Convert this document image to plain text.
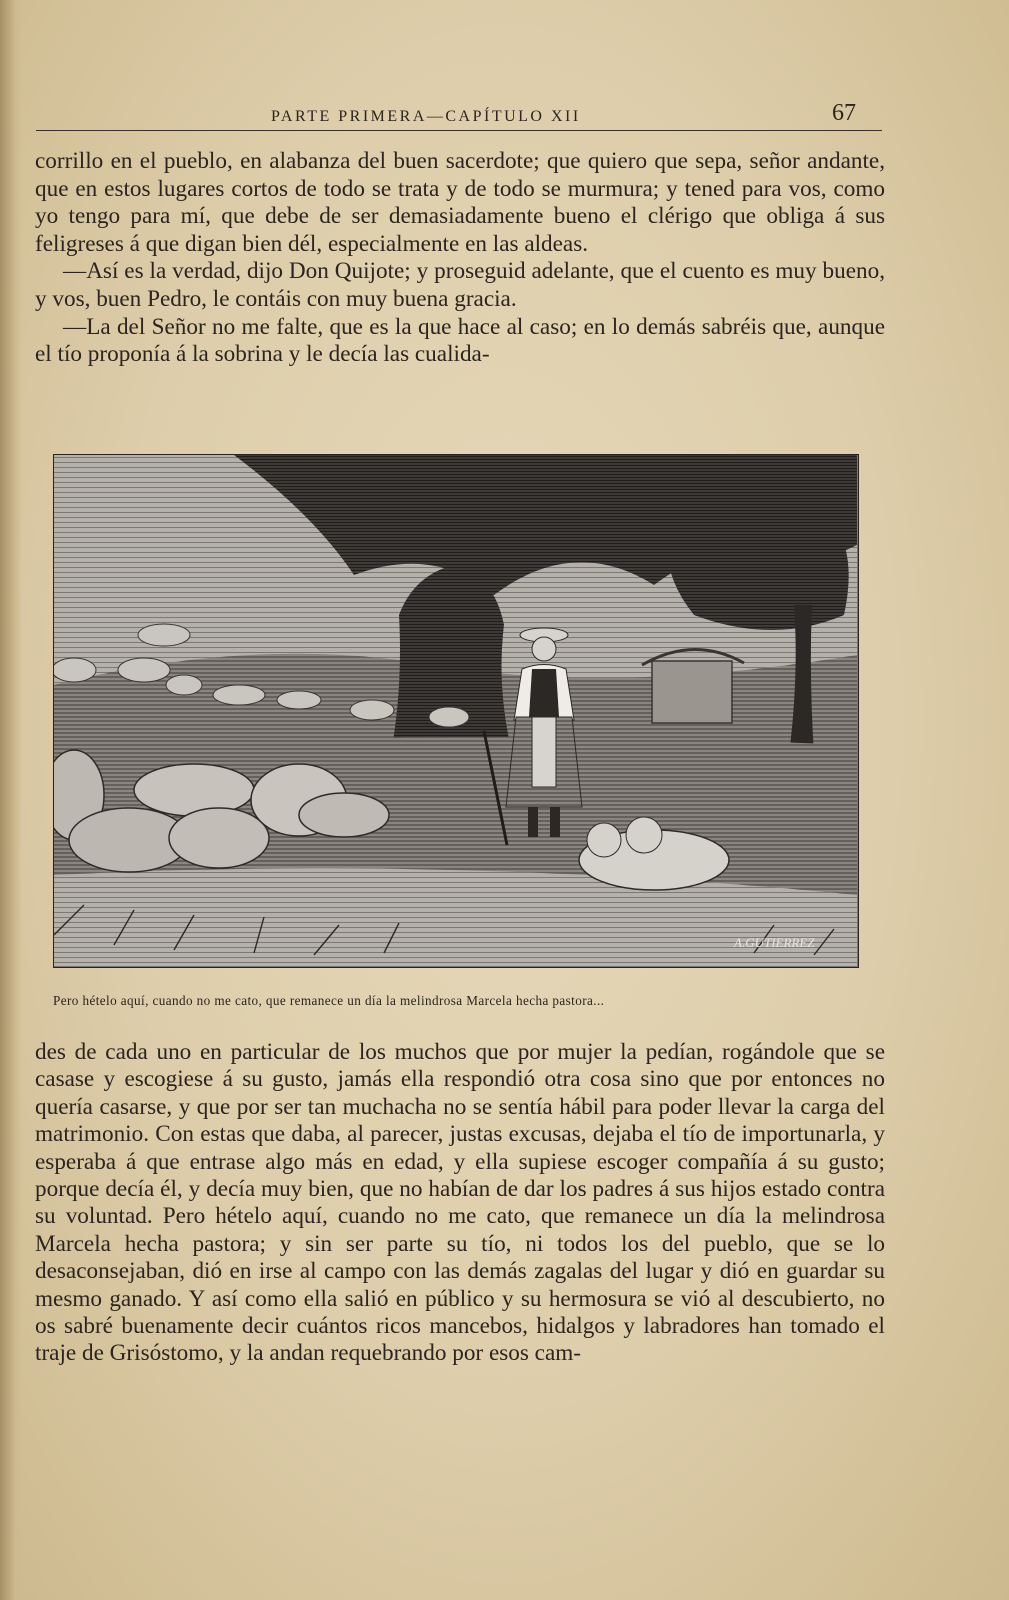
PARTE PRIMERA—CAPÍTULO XII	67

corrillo en el pueblo, en alabanza del buen sacerdote; que quiero que sepa, señor andante, que en estos lugares cortos de todo se trata y de todo se murmura; y tened para vos, como yo tengo para mí, que debe de ser demasiadamente bueno el clérigo que obliga á sus feligreses á que digan bien dél, especialmente en las aldeas.

—Así es la verdad, dijo Don Quijote; y proseguid adelante, que el cuento es muy bueno, y vos, buen Pedro, le contáis con muy buena gracia.

—La del Señor no me falte, que es la que hace al caso; en lo demás sabréis que, aunque el tío proponía á la sobrina y le decía las cualida-

A.GUTIERREZ
Pero hételo aquí, cuando no me cato, que remanece un día la melindrosa Marcela hecha pastora...

des de cada uno en particular de los muchos que por mujer la pedían, rogándole que se casase y escogiese á su gusto, jamás ella respondió otra cosa sino que por entonces no quería casarse, y que por ser tan muchacha no se sentía hábil para poder llevar la carga del matrimonio. Con estas que daba, al parecer, justas excusas, dejaba el tío de importunarla, y esperaba á que entrase algo más en edad, y ella supiese escoger compañía á su gusto; porque decía él, y decía muy bien, que no habían de dar los padres á sus hijos estado contra su voluntad. Pero hételo aquí, cuando no me cato, que remanece un día la melindrosa Marcela hecha pastora; y sin ser parte su tío, ni todos los del pueblo, que se lo desaconsejaban, dió en irse al campo con las demás zagalas del lugar y dió en guardar su mesmo ganado. Y así como ella salió en público y su hermosura se vió al descubierto, no os sabré buenamente decir cuántos ricos mancebos, hidalgos y labradores han tomado el traje de Grisóstomo, y la andan requebrando por esos cam-
